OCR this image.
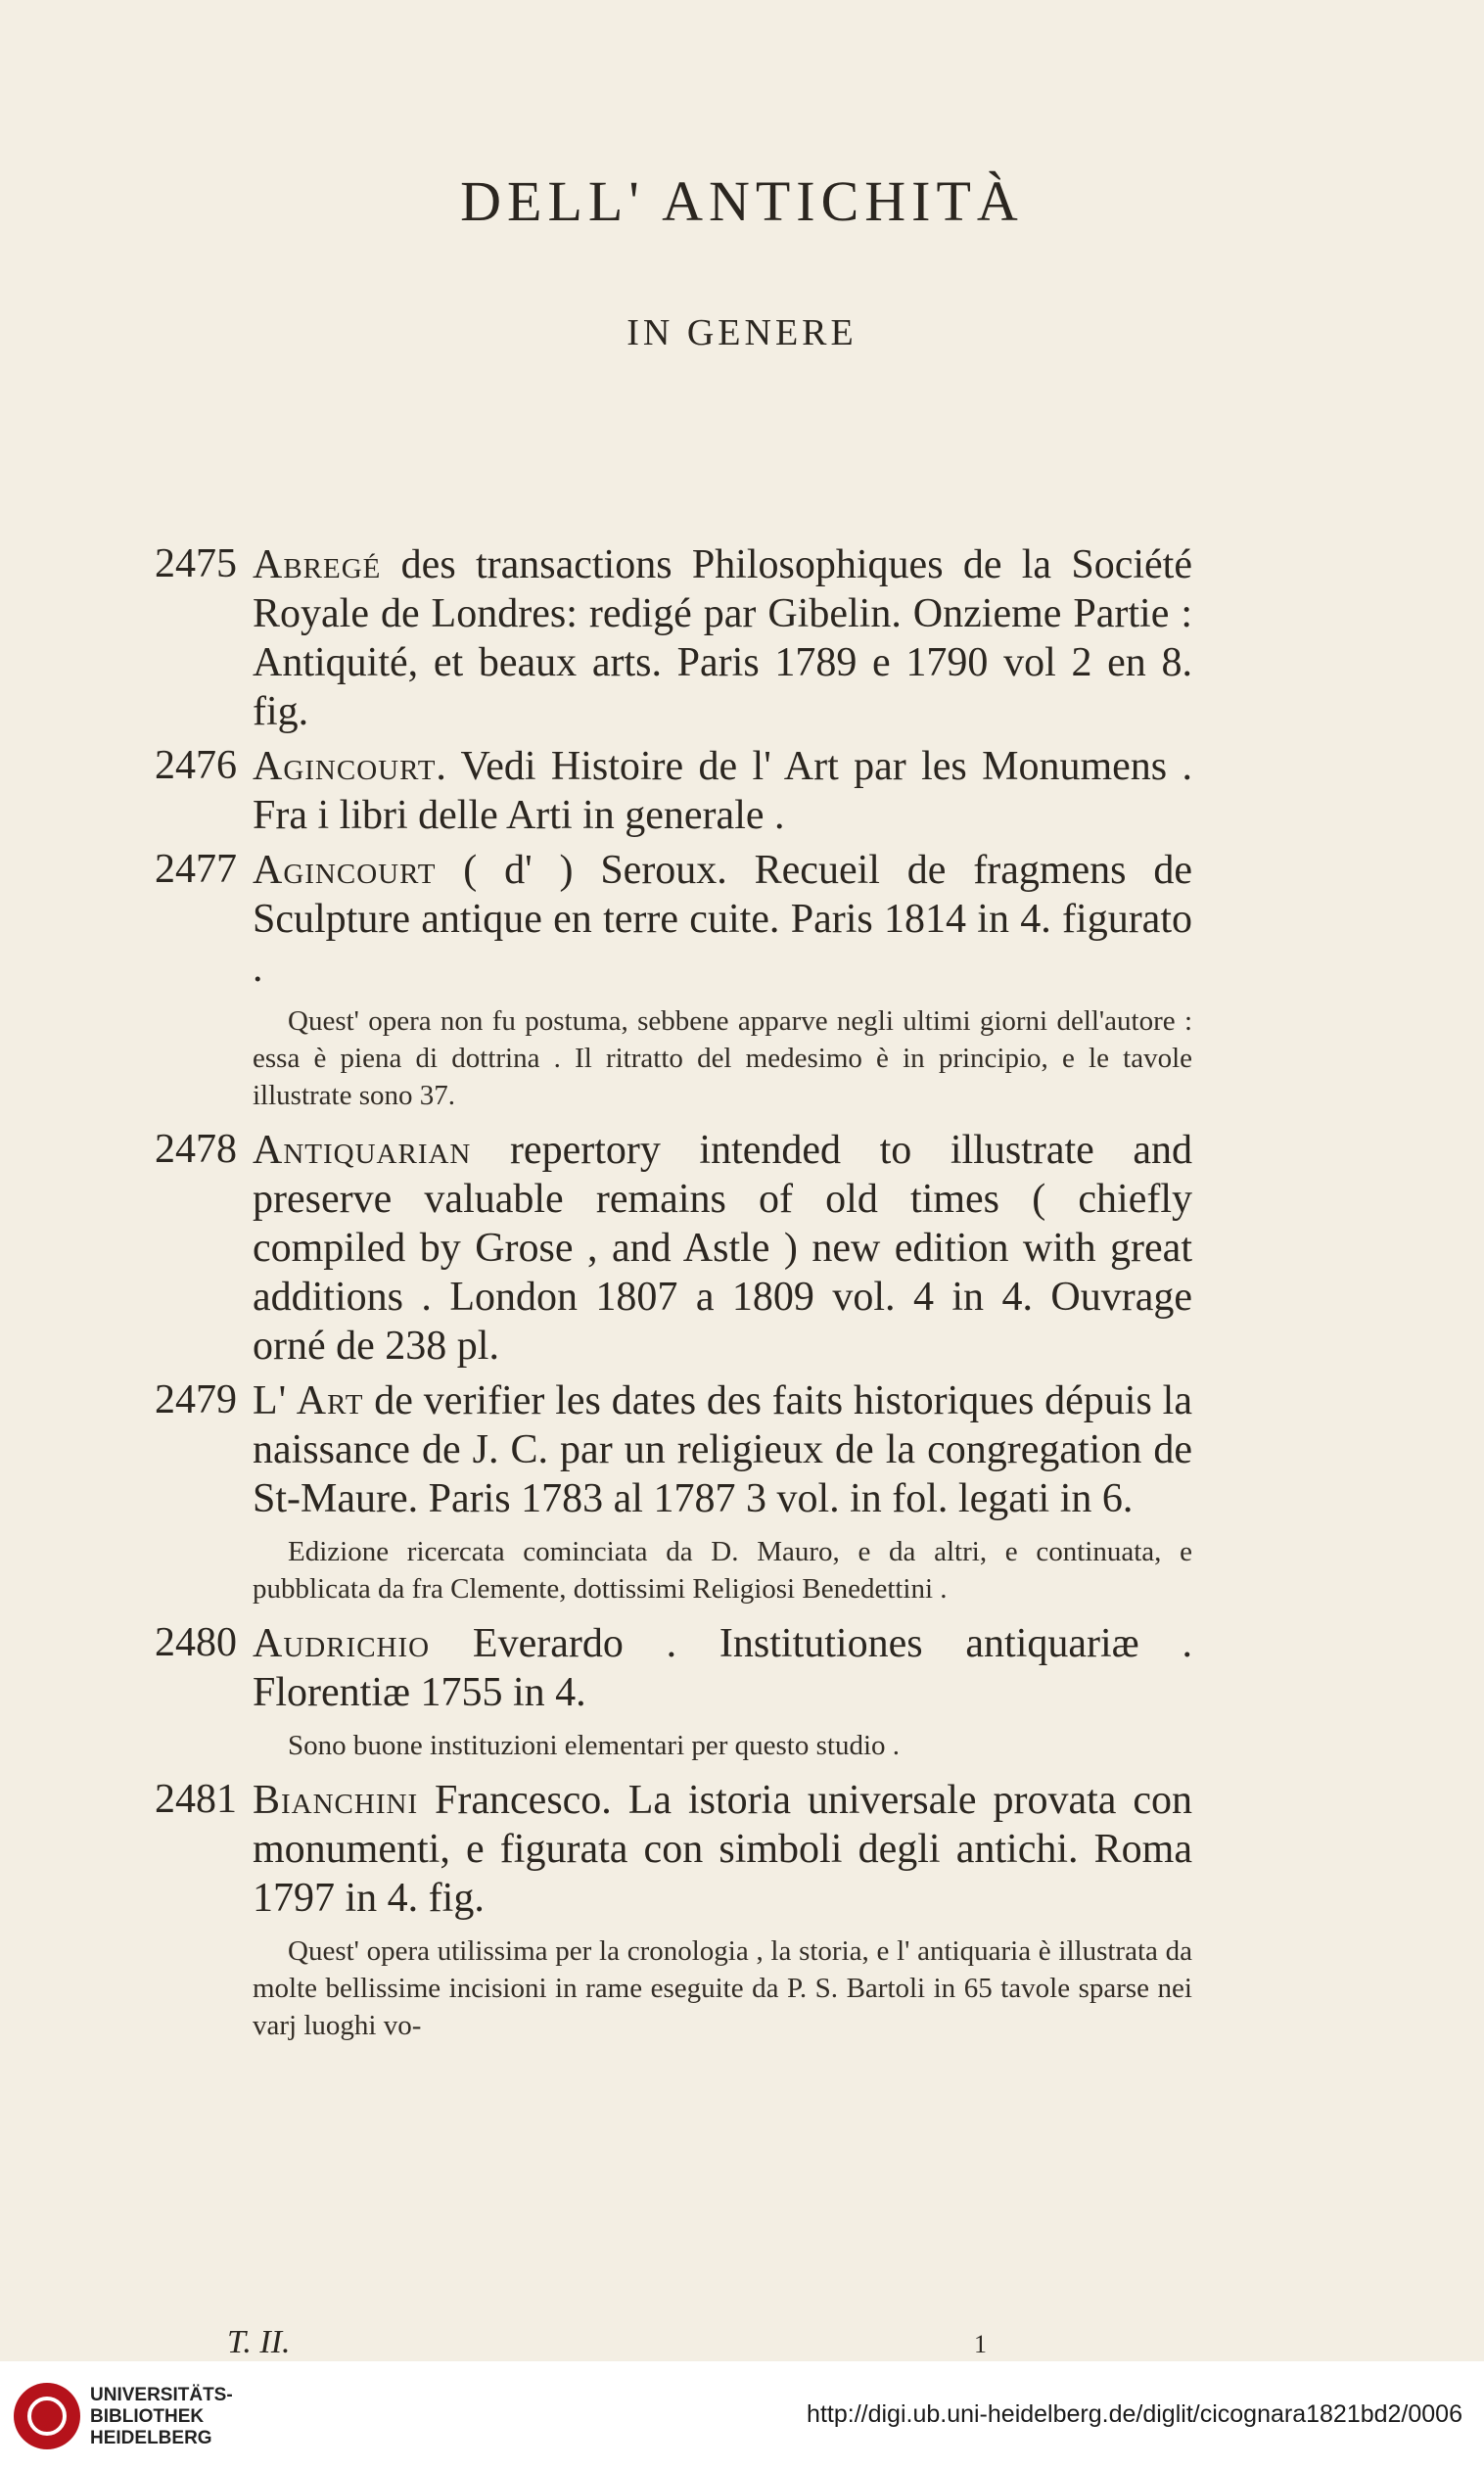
DELL' ANTICHITÀ
IN GENERE
2475 Abregé des transactions Philosophiques de la Société Royale de Londres: redigé par Gibelin. Onzieme Partie : Antiquité, et beaux arts. Paris 1789 e 1790 vol 2 en 8. fig.
2476 Agincourt. Vedi Histoire de l' Art par les Monumens . Fra i libri delle Arti in generale .
2477 Agincourt ( d' ) Seroux. Recueil de fragmens de Sculpture antique en terre cuite. Paris 1814 in 4. figurato .
Quest' opera non fu postuma, sebbene apparve negli ultimi giorni dell'autore : essa è piena di dottrina . Il ritratto del medesimo è in principio, e le tavole illustrate sono 37.
2478 Antiquarian repertory intended to illustrate and preserve valuable remains of old times ( chiefly compiled by Grose , and Astle ) new edition with great additions . London 1807 a 1809 vol. 4 in 4. Ouvrage orné de 238 pl.
2479 L' Art de verifier les dates des faits historiques dépuis la naissance de J. C. par un religieux de la congregation de St-Maure. Paris 1783 al 1787 3 vol. in fol. legati in 6.
Edizione ricercata cominciata da D. Mauro, e da altri, e continuata, e pubblicata da fra Clemente, dottissimi Religiosi Benedettini .
2480 Audrichio Everardo . Institutiones antiquariæ . Florentiæ 1755 in 4.
Sono buone instituzioni elementari per questo studio .
2481 Bianchini Francesco. La istoria universale provata con monumenti, e figurata con simboli degli antichi. Roma 1797 in 4. fig.
Quest' opera utilissima per la cronologia , la storia, e l' antiquaria è illustrata da molte bellissime incisioni in rame eseguite da P. S. Bartoli in 65 tavole sparse nei varj luoghi vo-
T. II.	1
UNIVERSITÄTS-
BIBLIOTHEK
HEIDELBERG
http://digi.ub.uni-heidelberg.de/diglit/cicognara1821bd2/0006
